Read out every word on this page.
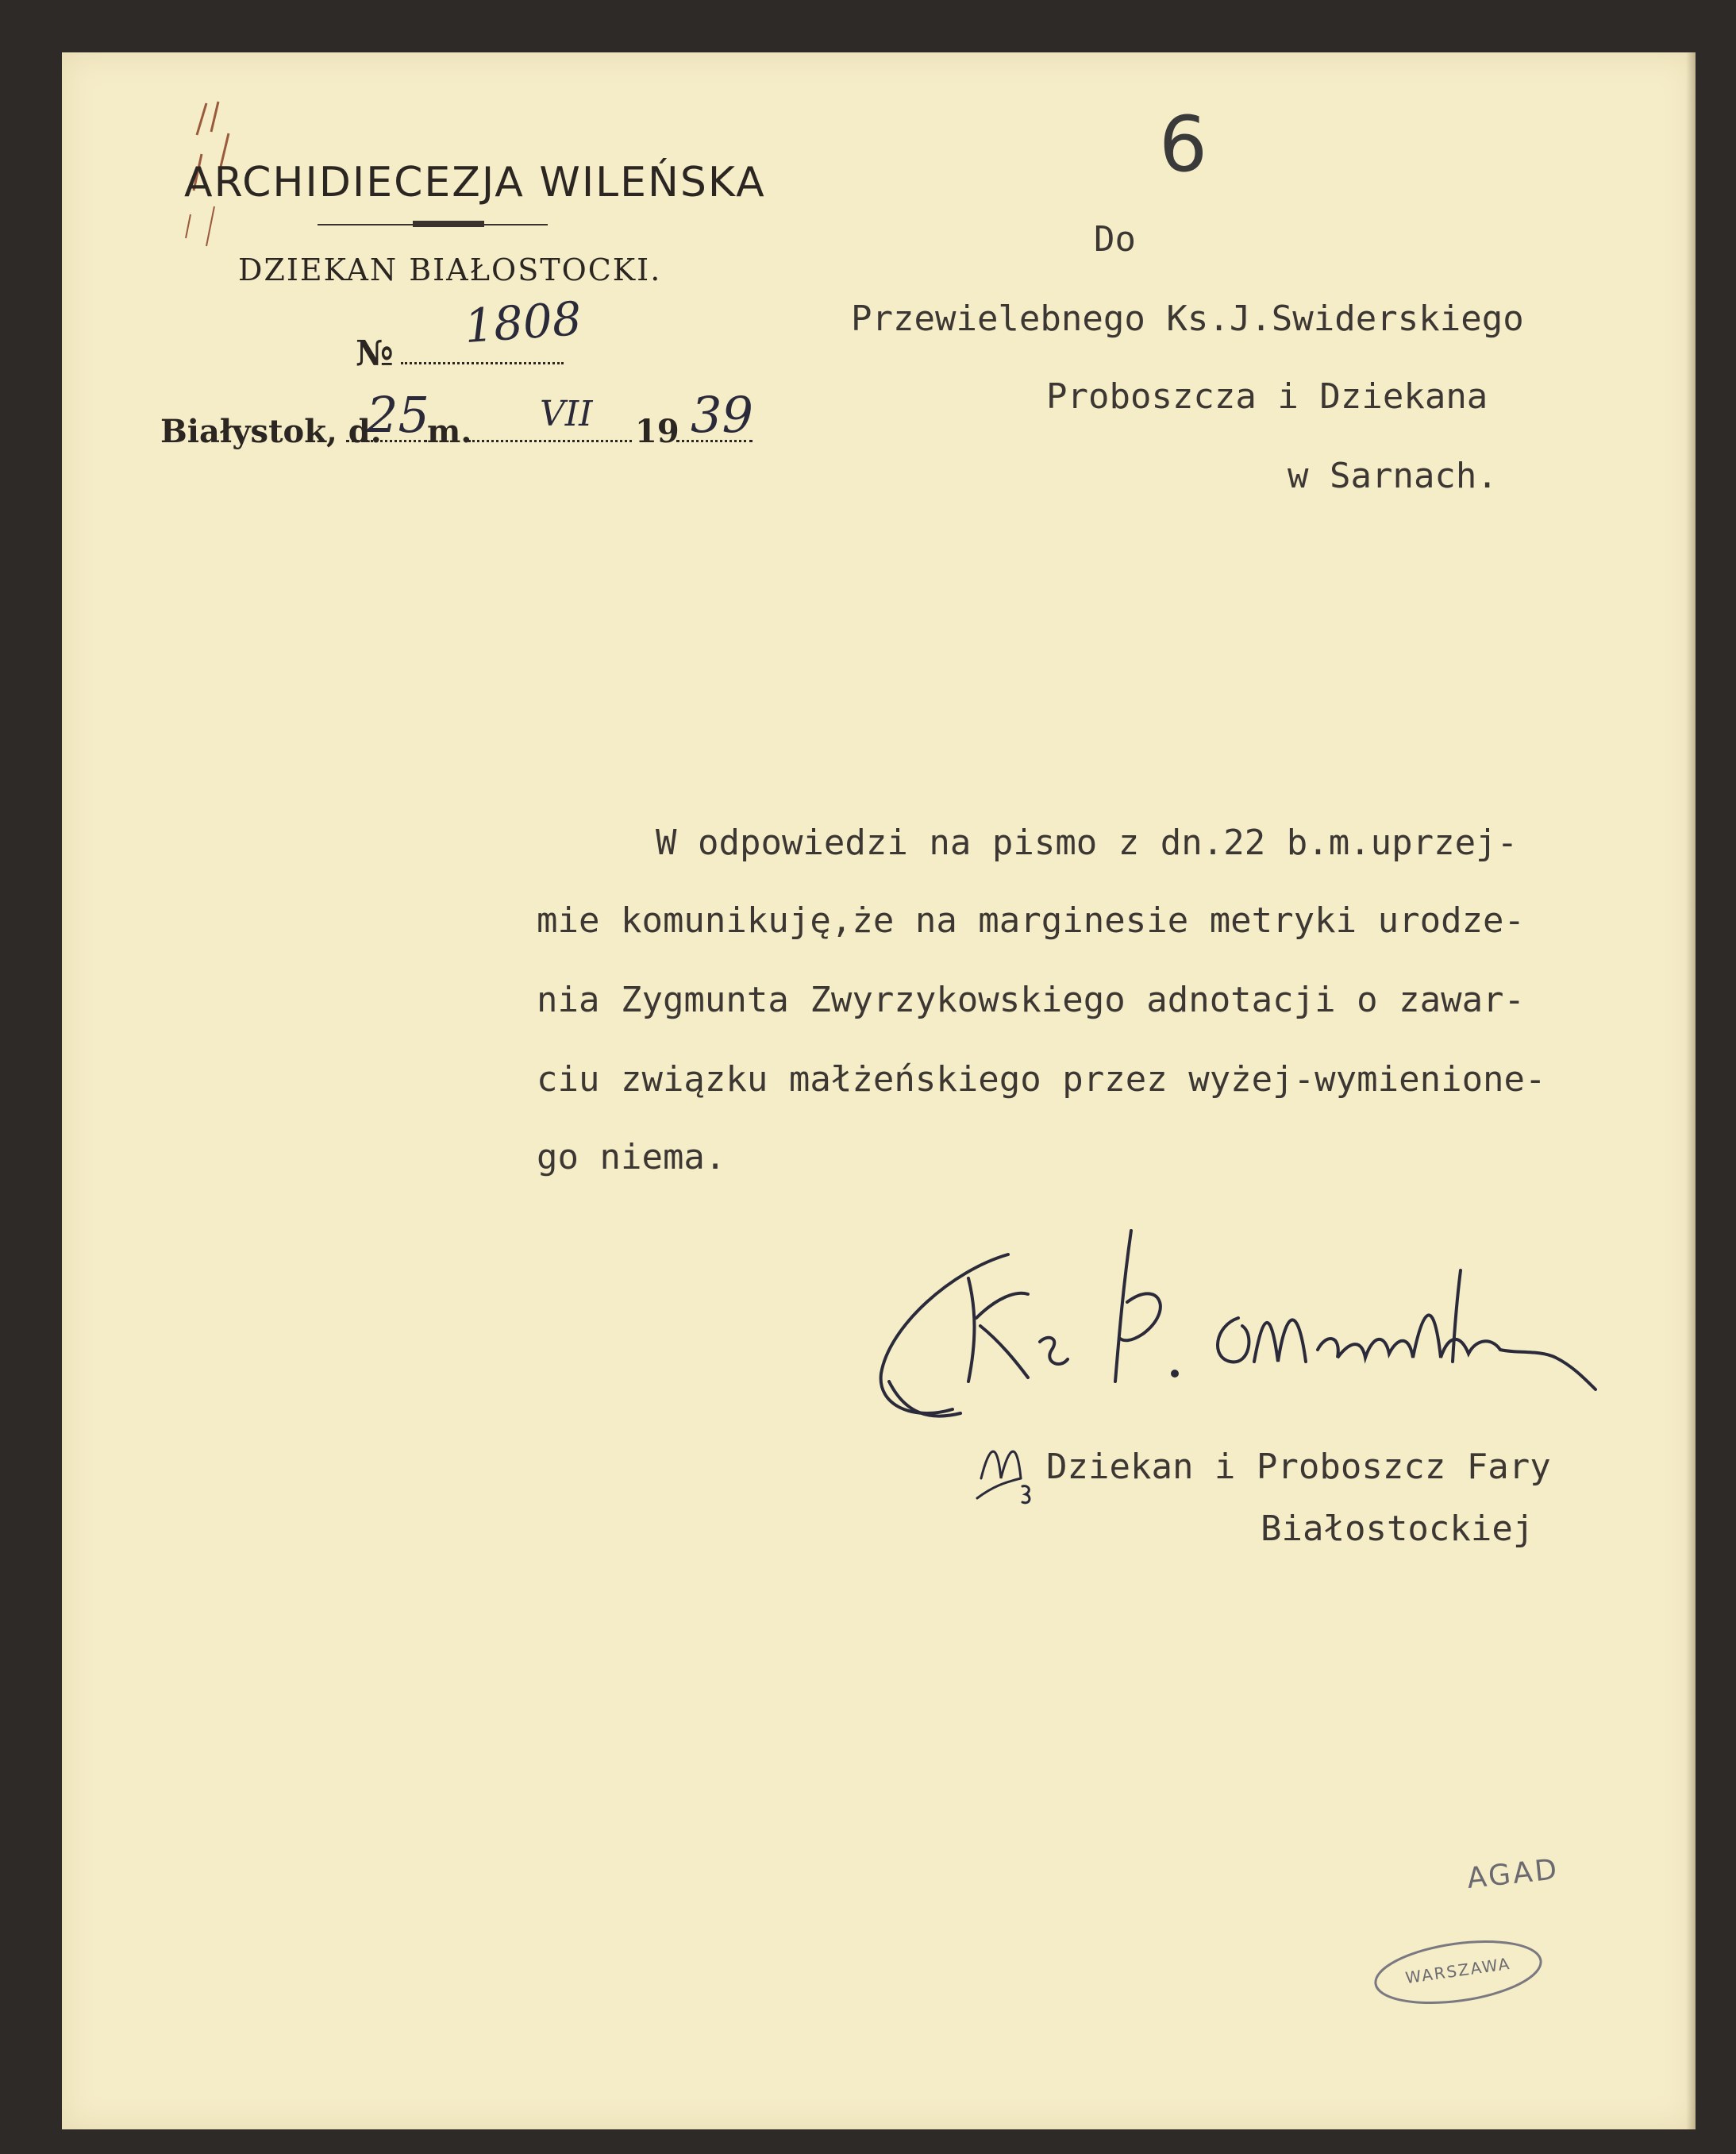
ARCHIDIECEZJA WILEŃSKA
DZIEKAN BIAŁOSTOCKI.
№
1808
Białystok, d. m.	19
25	VII 39
6
Do
Przewielebnego Ks.J.Swiderskiego
Proboszcza i Dziekana
w Sarnach.
W odpowiedzi na pismo z dn.22 b.m.uprzej-
mie komunikuję,że na marginesie metryki urodze-
nia Zygmunta Zwyrzykowskiego adnotacji o zawar-
ciu związku małżeńskiego przez wyżej-wymienione-
go niema.
Dziekan i Proboszcz Fary
Białostockiej
AGAD
WARSZAWA
